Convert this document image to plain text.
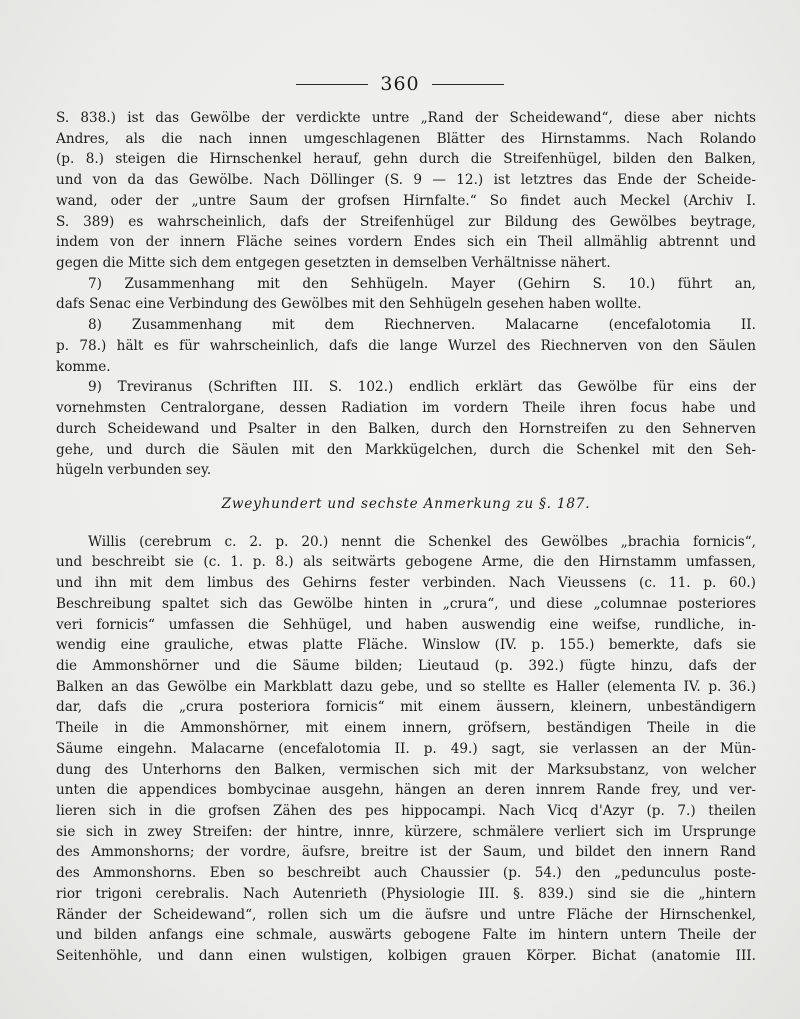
360
S. 838.) ist das Gewölbe der verdickte untre „Rand der Scheidewand“, diese aber nichts
Andres, als die nach innen umgeschlagenen Blätter des Hirnstamms. Nach Rolando
(p. 8.) steigen die Hirnschenkel herauf, gehn durch die Streifenhügel, bilden den Balken,
und von da das Gewölbe. Nach Döllinger (S. 9 — 12.) ist letztres das Ende der Scheide-
wand, oder der „untre Saum der grofsen Hirnfalte.“ So findet auch Meckel (Archiv I.
S. 389) es wahrscheinlich, dafs der Streifenhügel zur Bildung des Gewölbes beytrage,
indem von der innern Fläche seines vordern Endes sich ein Theil allmählig abtrennt und
gegen die Mitte sich dem entgegen gesetzten in demselben Verhältnisse nähert.
7) Zusammenhang mit den Sehhügeln. Mayer (Gehirn S. 10.) führt an,
dafs Senac eine Verbindung des Gewölbes mit den Sehhügeln gesehen haben wollte.
8) Zusammenhang mit dem Riechnerven. Malacarne (encefalotomia II.
p. 78.) hält es für wahrscheinlich, dafs die lange Wurzel des Riechnerven von den Säulen
komme.
9) Treviranus (Schriften III. S. 102.) endlich erklärt das Gewölbe für eins der
vornehmsten Centralorgane, dessen Radiation im vordern Theile ihren focus habe und
durch Scheidewand und Psalter in den Balken, durch den Hornstreifen zu den Sehnerven
gehe, und durch die Säulen mit den Markkügelchen, durch die Schenkel mit den Seh-
hügeln verbunden sey.
Zweyhundert und sechste Anmerkung zu §. 187.
Willis (cerebrum c. 2. p. 20.) nennt die Schenkel des Gewölbes „brachia fornicis“,
und beschreibt sie (c. 1. p. 8.) als seitwärts gebogene Arme, die den Hirnstamm umfassen,
und ihn mit dem limbus des Gehirns fester verbinden. Nach Vieussens (c. 11. p. 60.)
Beschreibung spaltet sich das Gewölbe hinten in „crura“, und diese „columnae posteriores
veri fornicis“ umfassen die Sehhügel, und haben auswendig eine weifse, rundliche, in-
wendig eine grauliche, etwas platte Fläche. Winslow (IV. p. 155.) bemerkte, dafs sie
die Ammonshörner und die Säume bilden; Lieutaud (p. 392.) fügte hinzu, dafs der
Balken an das Gewölbe ein Markblatt dazu gebe, und so stellte es Haller (elementa IV. p. 36.)
dar, dafs die „crura posteriora fornicis“ mit einem äussern, kleinern, unbeständigern
Theile in die Ammonshörner, mit einem innern, gröfsern, beständigen Theile in die
Säume eingehn. Malacarne (encefalotomia II. p. 49.) sagt, sie verlassen an der Mün-
dung des Unterhorns den Balken, vermischen sich mit der Marksubstanz, von welcher
unten die appendices bombycinae ausgehn, hängen an deren innrem Rande frey, und ver-
lieren sich in die grofsen Zähen des pes hippocampi. Nach Vicq d'Azyr (p. 7.) theilen
sie sich in zwey Streifen: der hintre, innre, kürzere, schmälere verliert sich im Ursprunge
des Ammonshorns; der vordre, äufsre, breitre ist der Saum, und bildet den innern Rand
des Ammonshorns. Eben so beschreibt auch Chaussier (p. 54.) den „pedunculus poste-
rior trigoni cerebralis. Nach Autenrieth (Physiologie III. §. 839.) sind sie die „hintern
Ränder der Scheidewand“, rollen sich um die äufsre und untre Fläche der Hirnschenkel,
und bilden anfangs eine schmale, auswärts gebogene Falte im hintern untern Theile der
Seitenhöhle, und dann einen wulstigen, kolbigen grauen Körper. Bichat (anatomie III.
